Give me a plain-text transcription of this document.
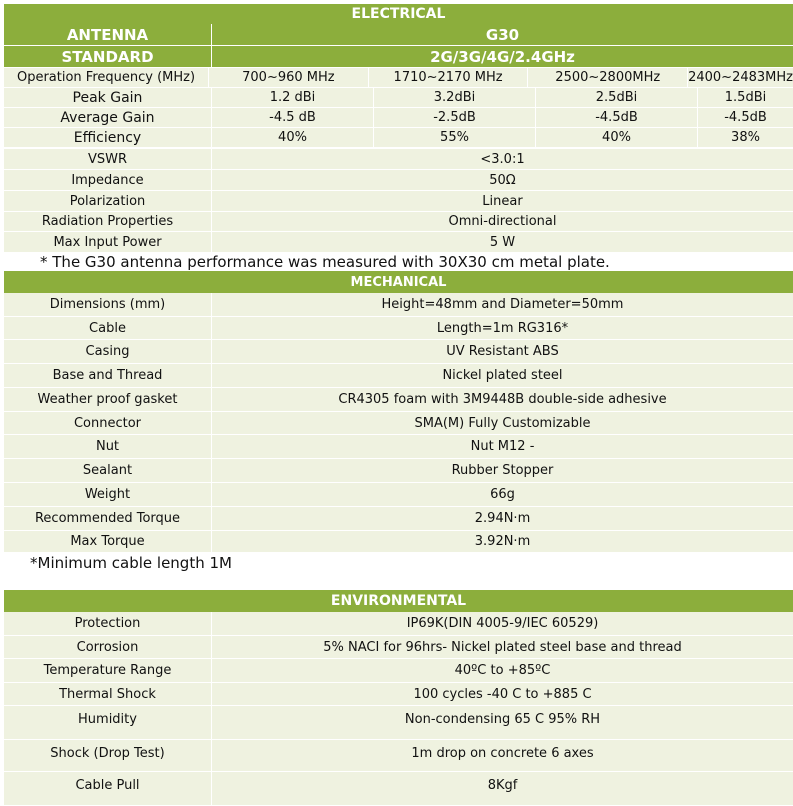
ELECTRICAL
ANTENNA	G30
STANDARD	2G/3G/4G/2.4GHz
Operation Frequency (MHz)	700~960 MHz	1710~2170 MHz	2500~2800MHz	2400~2483MHz
Peak Gain	1.2 dBi	3.2dBi	2.5dBi	1.5dBi
Average Gain	-4.5 dB	-2.5dB	-4.5dB	-4.5dB
Efficiency	40%	55%	40%	38%
VSWR	<3.0:1
Impedance	50Ω
Polarization	Linear
Radiation Properties	Omni-directional
Max Input Power	5 W
* The G30 antenna performance was measured with 30X30 cm metal plate.
MECHANICAL
Dimensions (mm)	Height=48mm and Diameter=50mm
Cable	Length=1m RG316*
Casing	UV Resistant ABS
Base and Thread	Nickel plated steel
Weather proof gasket	CR4305 foam with 3M9448B double-side adhesive
Connector	SMA(M) Fully Customizable
Nut	Nut M12 -
Sealant	Rubber Stopper
Weight	66g
Recommended Torque	2.94N·m
Max Torque	3.92N·m
*Minimum cable length 1M
ENVIRONMENTAL
Protection	IP69K(DIN 4005-9/IEC 60529)
Corrosion	5% NACI for 96hrs- Nickel plated steel base and thread
Temperature Range	40ºC to +85ºC
Thermal Shock	100 cycles -40 C to +885 C
Humidity	Non-condensing 65 C 95% RH
Shock (Drop Test)	1m drop on concrete 6 axes
Cable Pull	8Kgf
